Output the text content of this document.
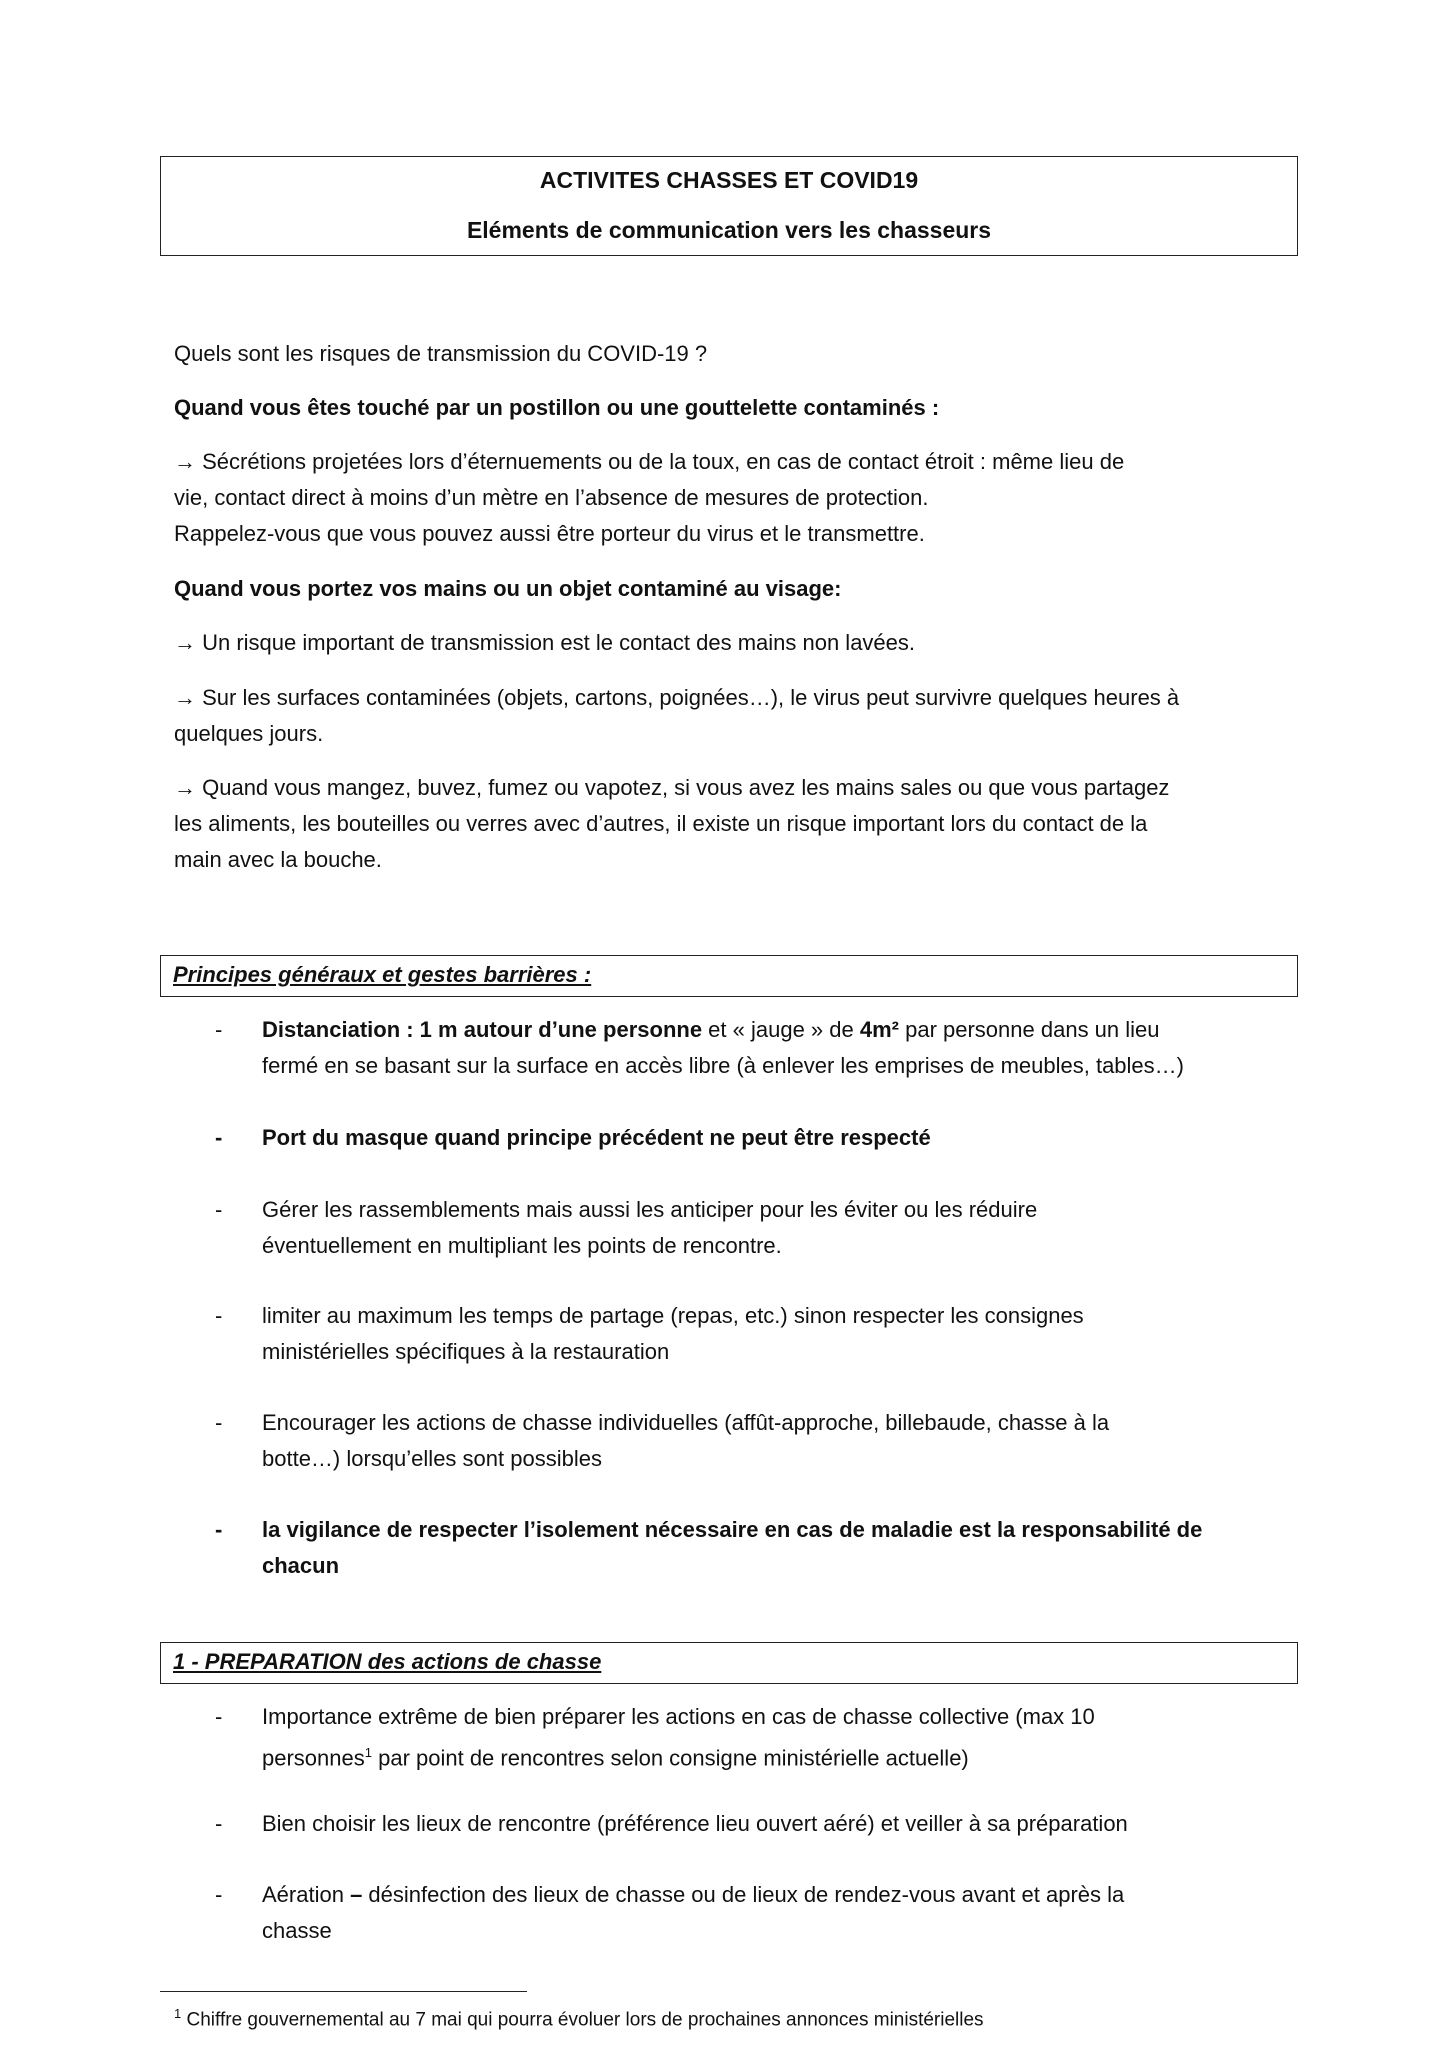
ACTIVITES CHASSES ET COVID19
Eléments de communication vers les chasseurs
Quels sont les risques de transmission du COVID-19 ?
Quand vous êtes touché par un postillon ou une gouttelette contaminés :
→ Sécrétions projetées lors d’éternuements ou de la toux, en cas de contact étroit : même lieu de
vie, contact direct à moins d’un mètre en l’absence de mesures de protection.
Rappelez-vous que vous pouvez aussi être porteur du virus et le transmettre.
Quand vous portez vos mains ou un objet contaminé au visage:
→ Un risque important de transmission est le contact des mains non lavées.
→ Sur les surfaces contaminées (objets, cartons, poignées…), le virus peut survivre quelques heures à
quelques jours.
→ Quand vous mangez, buvez, fumez ou vapotez, si vous avez les mains sales ou que vous partagez
les aliments, les bouteilles ou verres avec d’autres, il existe un risque important lors du contact de la
main avec la bouche.
Principes généraux et gestes barrières :
- Distanciation : 1 m autour d’une personne et « jauge » de 4m² par personne dans un lieu
fermé en se basant sur la surface en accès libre (à enlever les emprises de meubles, tables…)
- Port du masque quand principe précédent ne peut être respecté
- Gérer les rassemblements mais aussi les anticiper pour les éviter ou les réduire
éventuellement en multipliant les points de rencontre.
- limiter au maximum les temps de partage (repas, etc.) sinon respecter les consignes
ministérielles spécifiques à la restauration
- Encourager les actions de chasse individuelles (affût-approche, billebaude, chasse à la
botte…) lorsqu’elles sont possibles
- la vigilance de respecter l’isolement nécessaire en cas de maladie est la responsabilité de
chacun
1 - PREPARATION des actions de chasse
- Importance extrême de bien préparer les actions en cas de chasse collective (max 10
personnes$^1$ par point de rencontres selon consigne ministérielle actuelle)
- Bien choisir les lieux de rencontre (préférence lieu ouvert aéré) et veiller à sa préparation
- Aération – désinfection des lieux de chasse ou de lieux de rendez-vous avant et après la
chasse
$^1$ Chiffre gouvernemental au 7 mai qui pourra évoluer lors de prochaines annonces ministérielles
